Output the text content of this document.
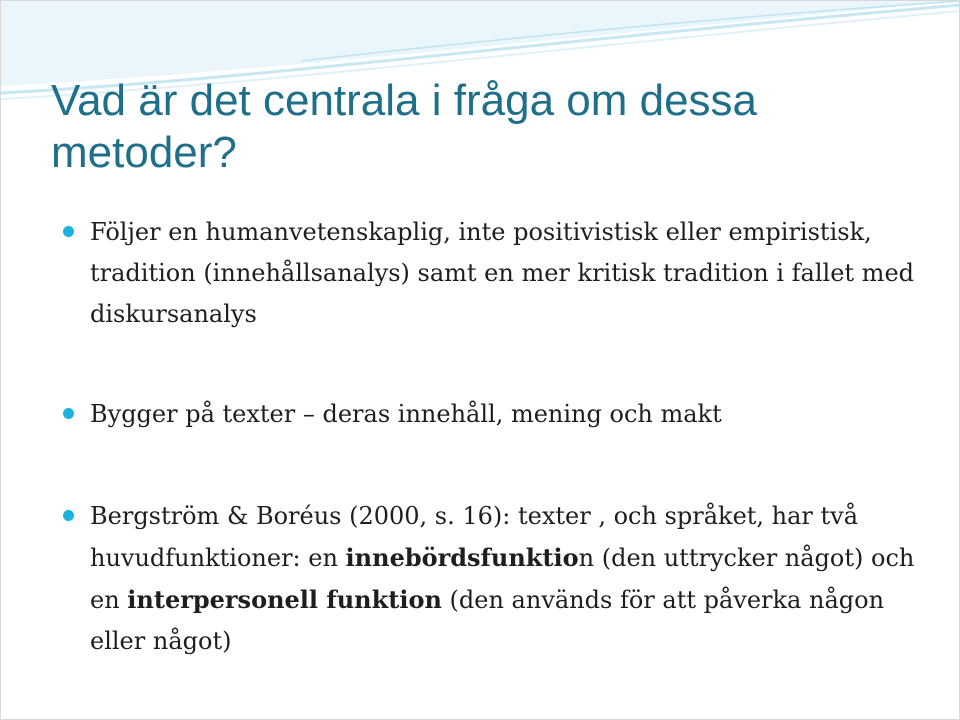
Vad är det centrala i fråga om dessa metoder?
Följer en humanvetenskaplig, inte positivistisk eller empiristisk, tradition (innehållsanalys) samt en mer kritisk tradition i fallet med diskursanalys
Bygger på texter – deras innehåll, mening och makt
Bergström & Boréus (2000, s. 16): texter , och språket, har två huvudfunktioner: en innebördsfunktion (den uttrycker något) och en interpersonell funktion (den används för att påverka någon eller något)
